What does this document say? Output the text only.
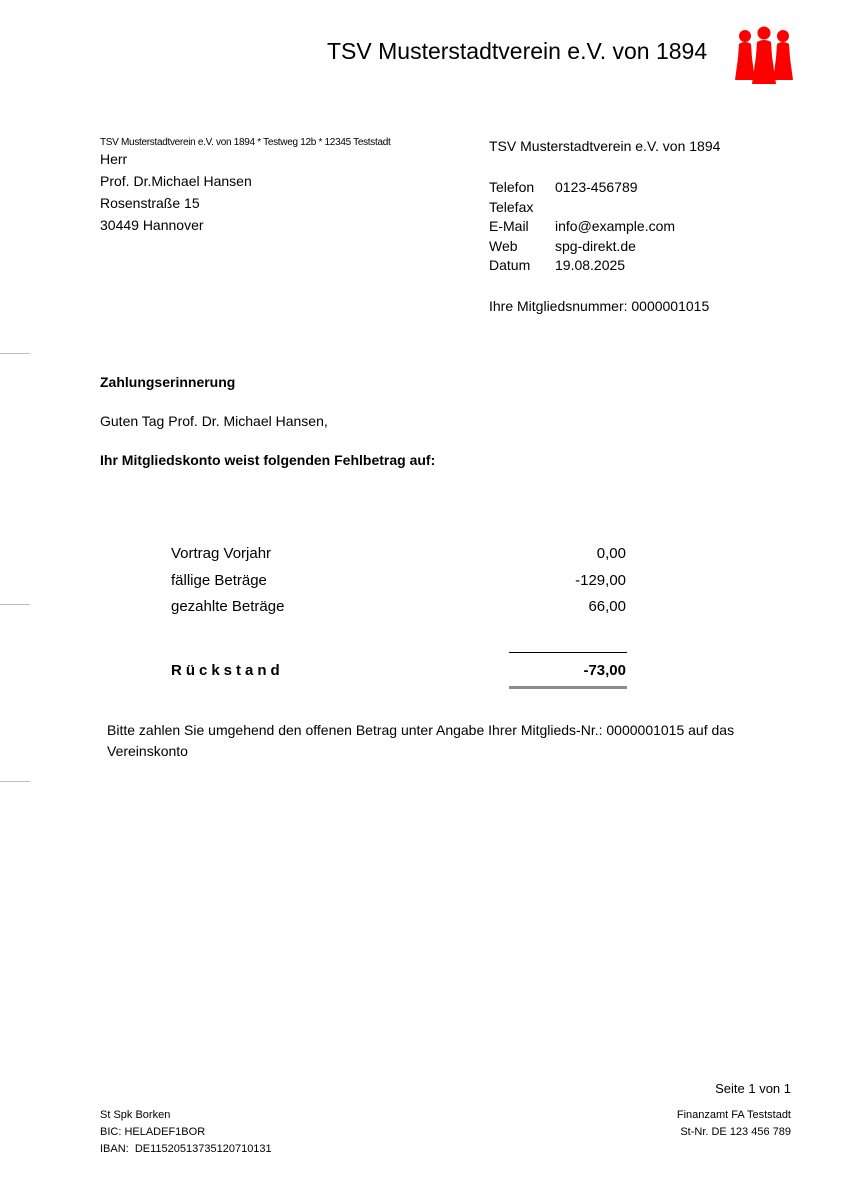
TSV Musterstadtverein e.V. von 1894
TSV Musterstadtverein e.V. von 1894 * Testweg 12b * 12345 Teststadt
Herr
Prof. Dr.Michael Hansen
Rosenstraße 15
30449 Hannover
TSV Musterstadtverein e.V. von 1894
Telefon 0123-456789
Telefax
E-Mail info@example.com
Web	spg-direkt.de
Datum 19.08.2025
Ihre Mitgliedsnummer: 0000001015
Zahlungserinnerung
Guten Tag Prof. Dr. Michael Hansen,
Ihr Mitgliedskonto weist folgenden Fehlbetrag auf:
Vortrag Vorjahr	0,00
fällige Beträge	-129,00
gezahlte Beträge	66,00
Rückstand	-73,00
Bitte zahlen Sie umgehend den offenen Betrag unter Angabe Ihrer Mitglieds-Nr.: 0000001015 auf das Vereinskonto
Seite 1 von 1
St Spk Borken
BIC: HELADEF1BOR
IBAN:  DE11520513735120710131
Finanzamt FA Teststadt
St-Nr. DE 123 456 789
